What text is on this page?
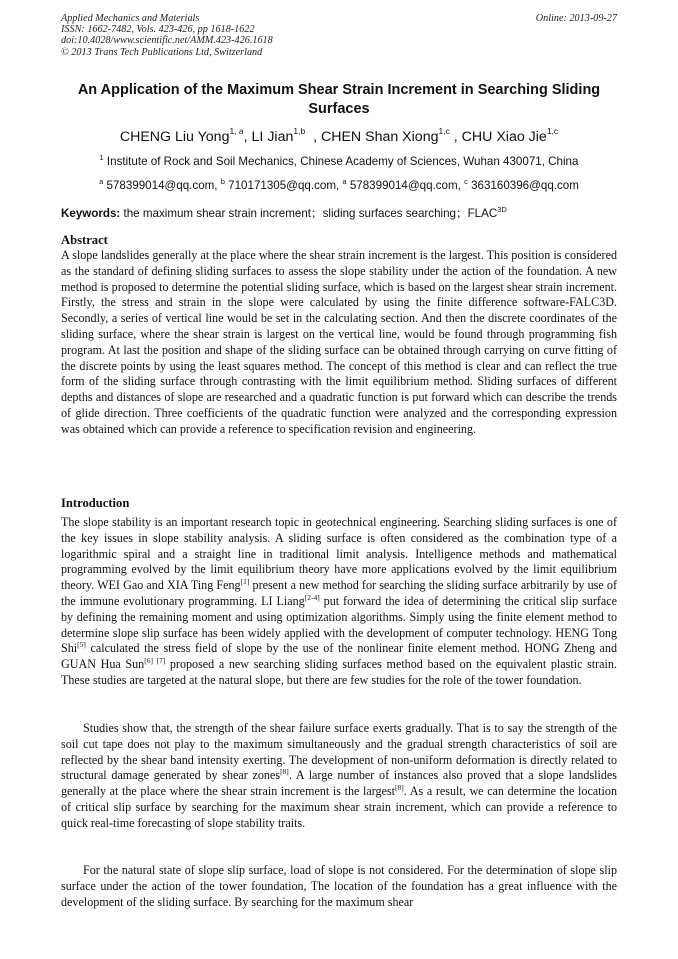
Applied Mechanics and Materials
ISSN: 1662-7482, Vols. 423-426, pp 1618-1622
doi:10.4028/www.scientific.net/AMM.423-426.1618
© 2013 Trans Tech Publications Ltd, Switzerland
Online: 2013-09-27
An Application of the Maximum Shear Strain Increment in Searching Sliding Surfaces
CHENG Liu Yong$^{1, a}$, LI Jian$^{1,b}$  , CHEN Shan Xiong$^{1,c}$ , CHU Xiao Jie$^{1,c}$
$^1$ Institute of Rock and Soil Mechanics, Chinese Academy of Sciences, Wuhan 430071, China
$^a$ 578399014@qq.com, $^b$ 710171305@qq.com, $^a$ 578399014@qq.com, $^c$ 363160396@qq.com
Keywords: the maximum shear strain increment；sliding surfaces searching；$FLAC^{3D}$
Abstract
A slope landslides generally at the place where the shear strain increment is the largest. This position is considered as the standard of defining sliding surfaces to assess the slope stability under the action of the foundation. A new method is proposed to determine the potential sliding surface, which is based on the largest shear strain increment. Firstly, the stress and strain in the slope were calculated by using the finite difference software-FALC3D. Secondly, a series of vertical line would be set in the calculating section. And then the discrete coordinates of the sliding surface, where the shear strain is largest on the vertical line, would be found through programming fish program. At last the position and shape of the sliding surface can be obtained through carrying on curve fitting of the discrete points by using the least squares method. The concept of this method is clear and can reflect the true form of the sliding surface through contrasting with the limit equilibrium method. Sliding surfaces of different depths and distances of slope are researched and a quadratic function is put forward which can describe the trends of glide direction. Three coefficients of the quadratic function were analyzed and the corresponding expression was obtained which can provide a reference to specification revision and engineering.
Introduction
The slope stability is an important research topic in geotechnical engineering. Searching sliding surfaces is one of the key issues in slope stability analysis. A sliding surface is often considered as the combination type of a logarithmic spiral and a straight line in traditional limit analysis. Intelligence methods and mathematical programming evolved by the limit equilibrium theory have more applications evolved by the limit equilibrium theory. WEI Gao and XIA Ting Feng[1] present a new method for searching the sliding surface arbitrarily by use of the immune evolutionary programming. LI Liang[2-4] put forward the idea of determining the critical slip surface by defining the remaining moment and using optimization algorithms. Simply using the finite element method to determine slope slip surface has been widely applied with the development of computer technology. HENG Tong Shi[5] calculated the stress field of slope by the use of the nonlinear finite element method. HONG Zheng and GUAN Hua Sun[6] [7] proposed a new searching sliding surfaces method based on the equivalent plastic strain. These studies are targeted at the natural slope, but there are few studies for the role of the tower foundation.
Studies show that, the strength of the shear failure surface exerts gradually. That is to say the strength of the soil cut tape does not play to the maximum simultaneously and the gradual strength characteristics of soil are reflected by the shear band intensity exerting. The development of non-uniform deformation is directly related to structural damage generated by shear zones[8]. A large number of instances also proved that a slope landslides generally at the place where the shear strain increment is the largest[8]. As a result, we can determine the location of critical slip surface by searching for the maximum shear strain increment, which can provide a reference to quick real-time forecasting of slope stability traits.
For the natural state of slope slip surface, load of slope is not considered. For the determination of slope slip surface under the action of the tower foundation, The location of the foundation has a great influence with the development of the sliding surface. By searching for the maximum shear
